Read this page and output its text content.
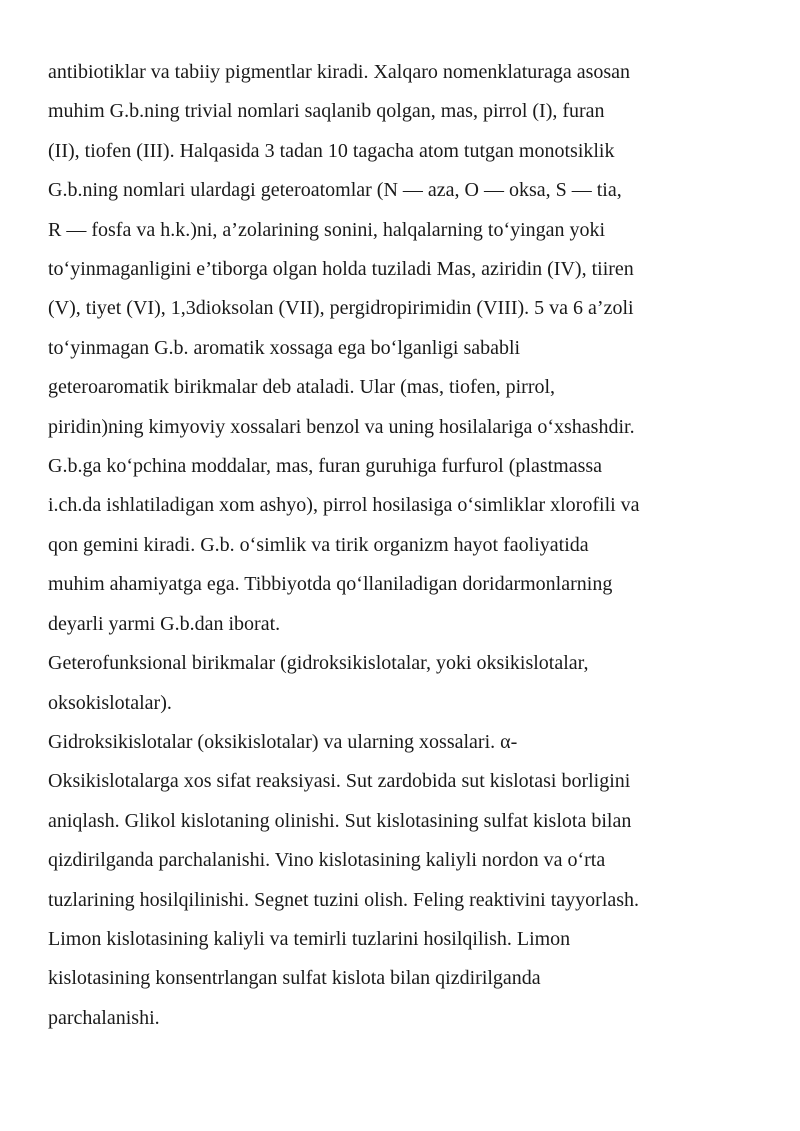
antibiotiklar va tabiiy pigmentlar kiradi. Xalqaro nomenklaturaga asosan
muhim G.b.ning trivial nomlari saqlanib qolgan, mas, pirrol (I), furan
(II), tiofen (III). Halqasida 3 tadan 10 tagacha atom tutgan monotsiklik
G.b.ning nomlari ulardagi geteroatomlar (N — aza, O — oksa, S — tia,
R — fosfa va h.k.)ni, a’zolarining sonini, halqalarning to‘yingan yoki
to‘yinmaganligini e’tiborga olgan holda tuziladi Mas, aziridin (IV), tiiren
(V), tiyet (VI), 1,3dioksolan (VII), pergidropirimidin (VIII). 5 va 6 a’zoli
to‘yinmagan G.b. aromatik xossaga ega bo‘lganligi sababli
geteroaromatik birikmalar deb ataladi. Ular (mas, tiofen, pirrol,
piridin)ning kimyoviy xossalari benzol va uning hosilalariga o‘xshashdir.
G.b.ga ko‘pchina moddalar, mas, furan guruhiga furfurol (plastmassa
i.ch.da ishlatiladigan xom ashyo), pirrol hosilasiga o‘simliklar xlorofili va
qon gemini kiradi. G.b. o‘simlik va tirik organizm hayot faoliyatida
muhim ahamiyatga ega. Tibbiyotda qo‘llaniladigan doridarmonlarning
deyarli yarmi G.b.dan iborat.
Geterofunksional birikmalar (gidroksikislotalar, yoki oksikislotalar,
oksokislotalar).
Gidroksikislotalar (oksikislotalar) va ularning xossalari. α-
Oksikislotalarga xos sifat reaksiyasi. Sut zardobida sut kislotasi borligini
aniqlash. Glikol kislotaning olinishi. Sut kislotasining sulfat kislota bilan
qizdirilganda parchalanishi. Vino kislotasining kaliyli nordon va o‘rta
tuzlarining hosilqilinishi. Segnet tuzini olish. Feling reaktivini tayyorlash.
Limon kislotasining kaliyli va temirli tuzlarini hosilqilish. Limon
kislotasining konsentrlangan sulfat kislota bilan qizdirilganda
parchalanishi.
